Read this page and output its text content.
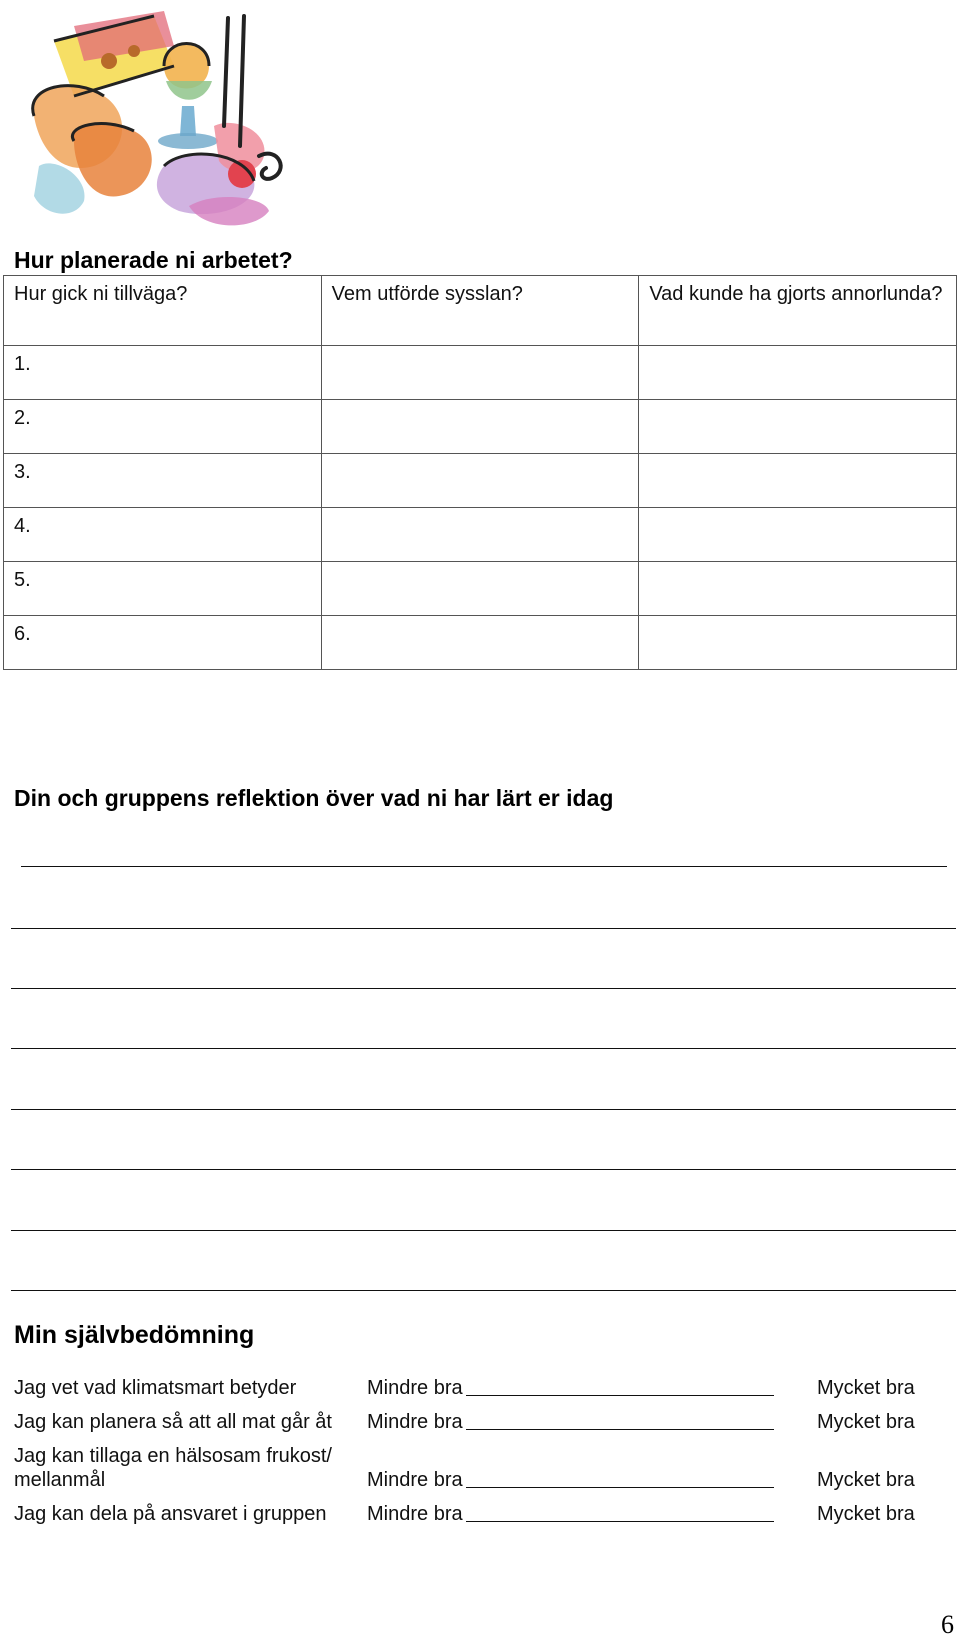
Hur planerade ni arbetet?
Hur gick ni tillväga?	Vem utförde sysslan?	Vad kunde ha gjorts annorlunda?
1.		
2.		
3.		
4.		
5.		
6.		
Din och gruppens reflektion över vad ni har lärt er idag
Min självbedömning
Jag vet vad klimatsmart betyder	Mindre bra	Mycket bra
Jag kan planera så att all mat går åt	Mindre bra	Mycket bra
Jag kan tillaga en hälsosam frukost/ mellanmål	Mindre bra	Mycket bra
Jag kan dela på ansvaret i gruppen	Mindre bra	Mycket bra
6
